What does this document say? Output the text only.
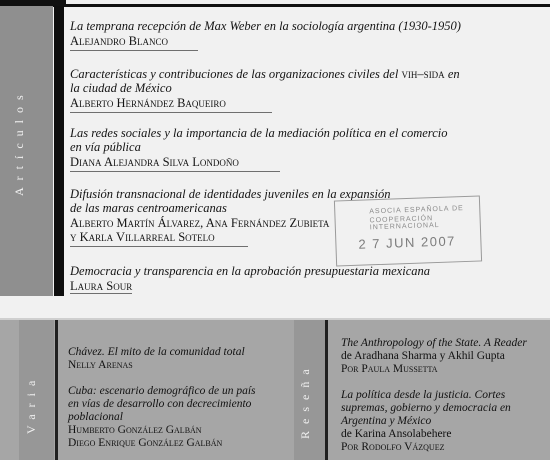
Artículos

La temprana recepción de Max Weber en la sociología argentina (1930-1950)

Alejandro Blanco

Características y contribuciones de las organizaciones civiles del vih–sida en

la ciudad de México

Alberto Hernández Baqueiro

Las redes sociales y la importancia de la mediación política en el comercio

en vía pública

Diana Alejandra Silva Londoño

Difusión transnacional de identidades juveniles en la expansión

de las maras centroamericanas

Alberto Martín Álvarez, Ana Fernández Zubieta

y Karla Villarreal Sotelo

Democracia y transparencia en la aprobación presupuestaria mexicana

Laura Sour

ASOCIA ESPAÑOLA DE
COOPERACIÓN INTERNACIONAL
2 7 JUN 2007
Varia	Reseña

Chávez. El mito de la comunidad total

Nelly Arenas

Cuba: escenario demográfico de un país

en vías de desarrollo con decrecimiento

poblacional

Humberto González Galbán

Diego Enrique González Galbán

The Anthropology of the State. A Reader

de Aradhana Sharma y Akhil Gupta

Por Paula Mussetta

La política desde la justicia. Cortes

supremas, gobierno y democracia en

Argentina y México

de Karina Ansolabehere

Por Rodolfo Vázquez
